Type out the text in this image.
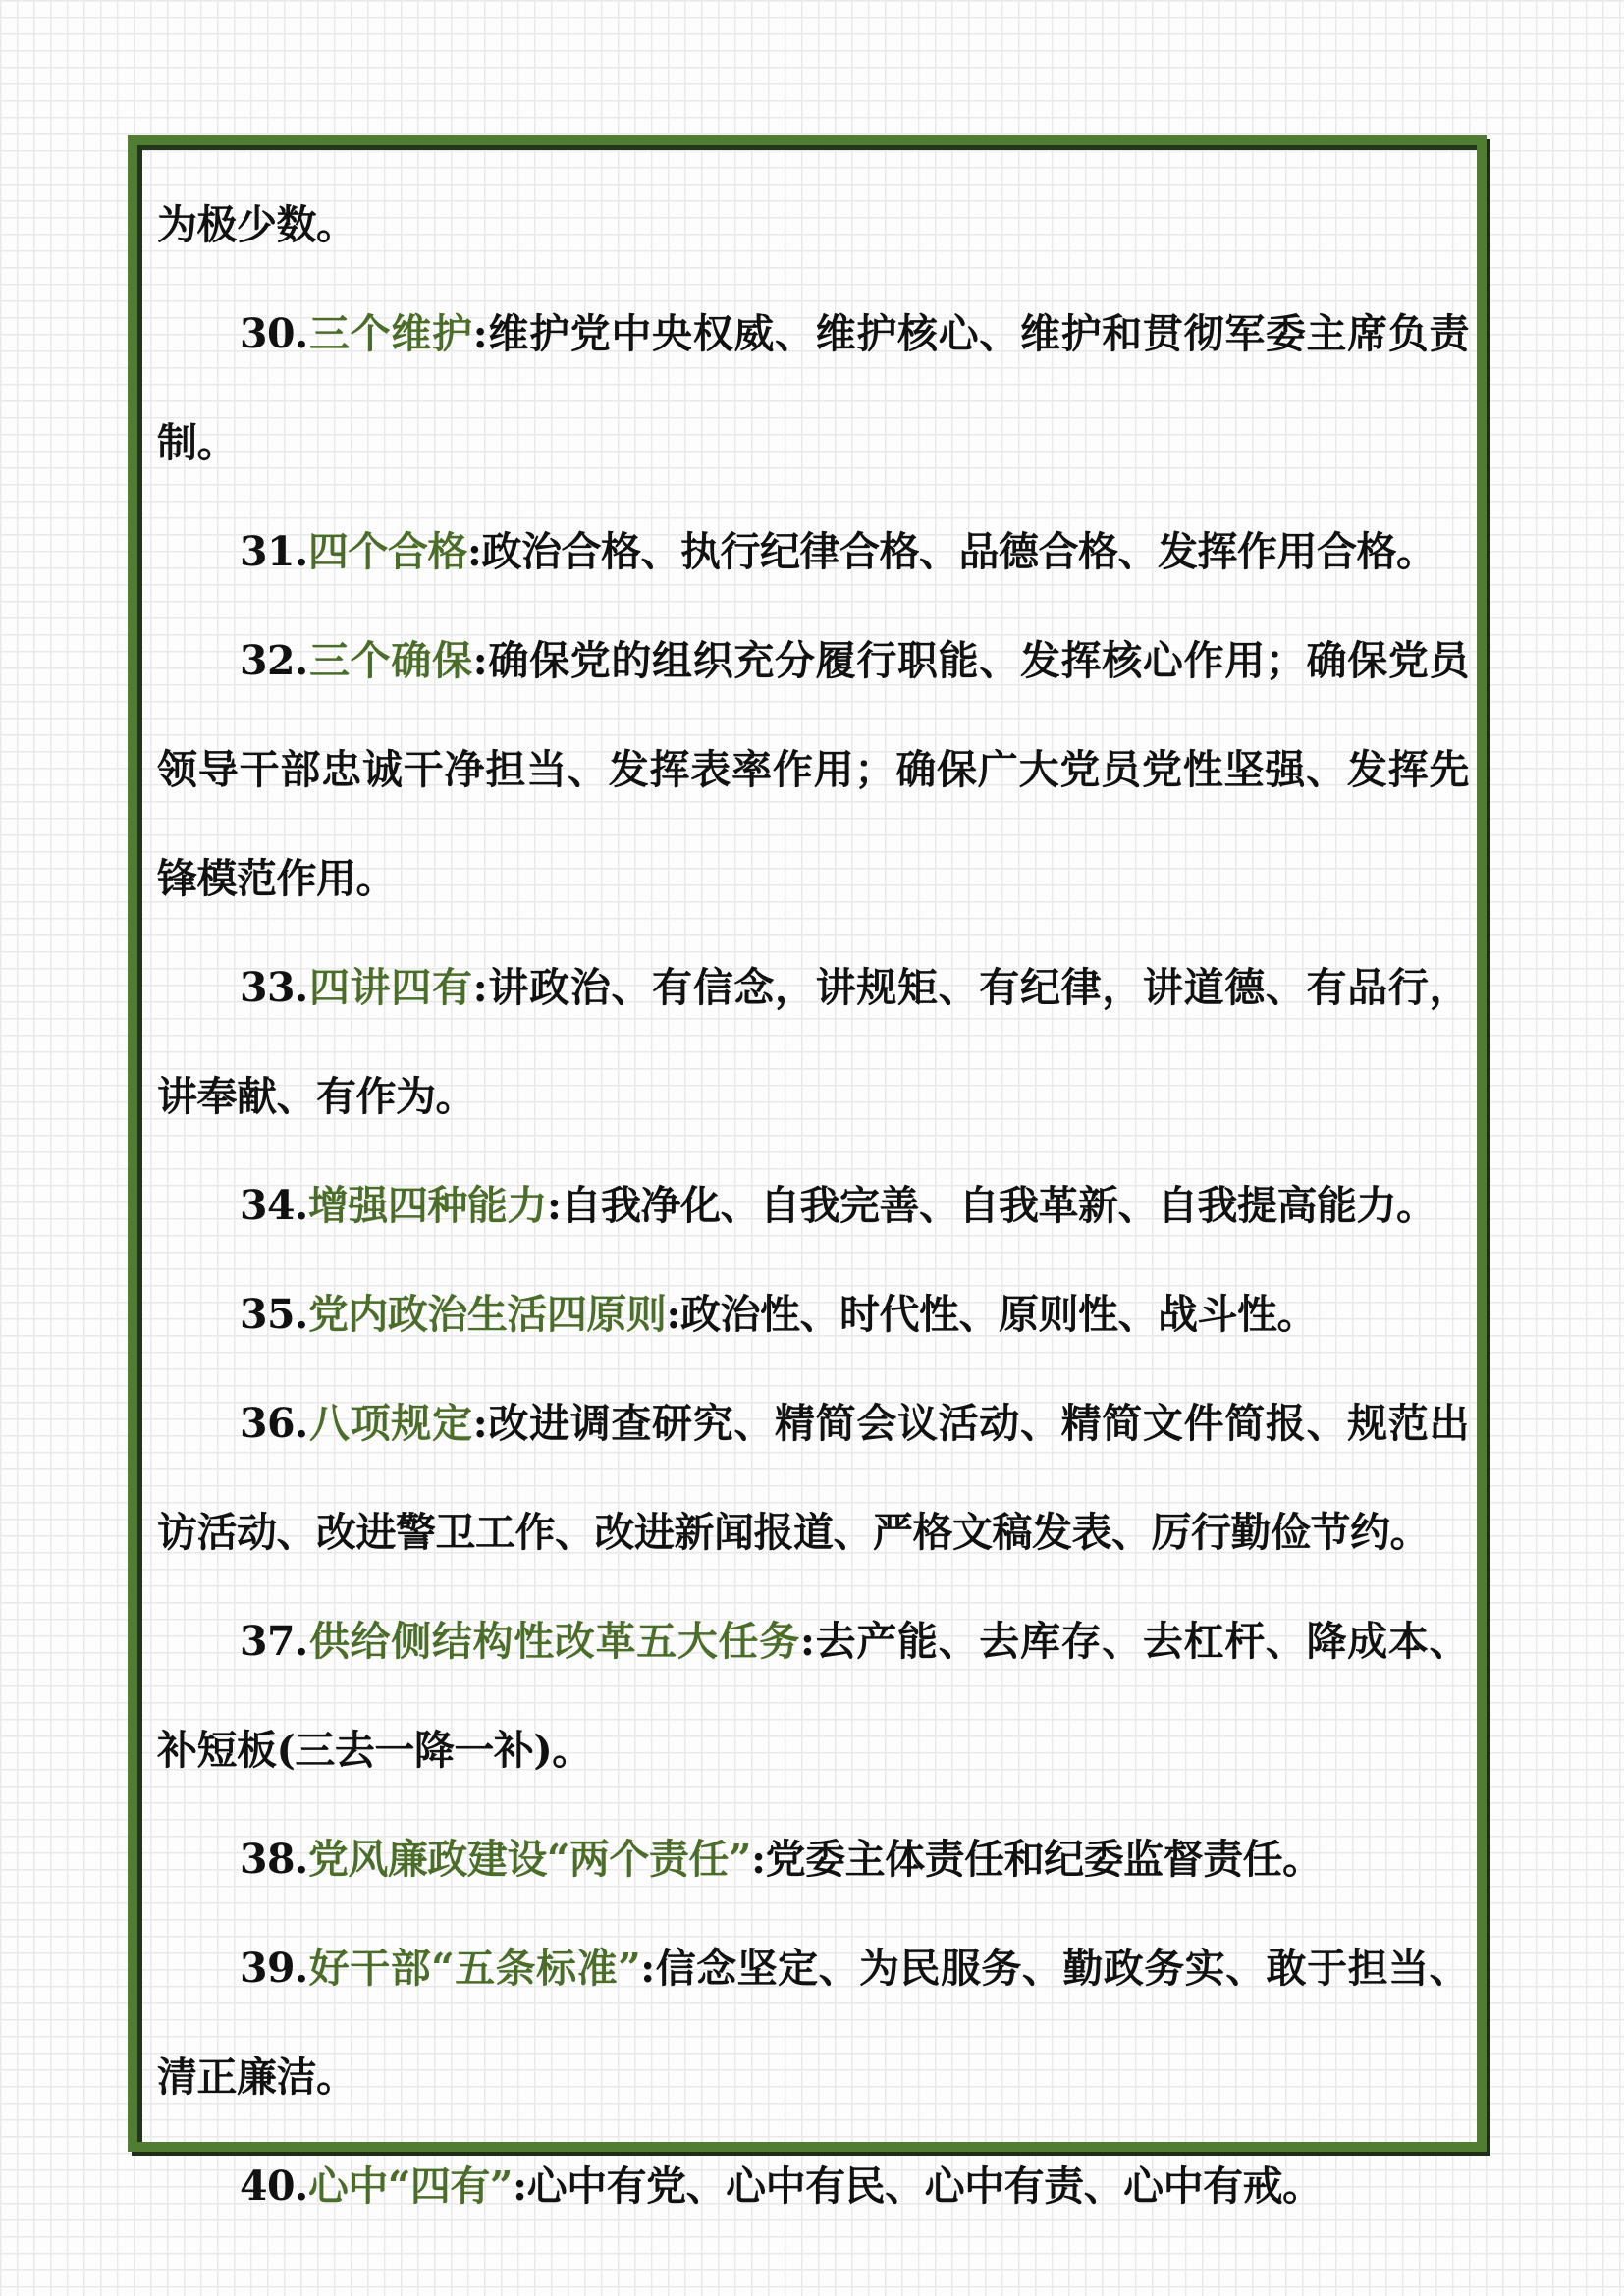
为极少数。

30.三个维护:维护党中央权威、维护核心、维护和贯彻军委主席负责制。

31.四个合格:政治合格、执行纪律合格、品德合格、发挥作用合格。

32.三个确保:确保党的组织充分履行职能、发挥核心作用；确保党员领导干部忠诚干净担当、发挥表率作用；确保广大党员党性坚强、发挥先锋模范作用。

33.四讲四有:讲政治、有信念，讲规矩、有纪律，讲道德、有品行，讲奉献、有作为。

34.增强四种能力:自我净化、自我完善、自我革新、自我提高能力。

35.党内政治生活四原则:政治性、时代性、原则性、战斗性。

36.八项规定:改进调查研究、精简会议活动、精简文件简报、规范出访活动、改进警卫工作、改进新闻报道、严格文稿发表、厉行勤俭节约。

37.供给侧结构性改革五大任务:去产能、去库存、去杠杆、降成本、补短板(三去一降一补)。

38.党风廉政建设“两个责任”:党委主体责任和纪委监督责任。

39.好干部“五条标准”:信念坚定、为民服务、勤政务实、敢于担当、清正廉洁。

40.心中“四有”:心中有党、心中有民、心中有责、心中有戒。
